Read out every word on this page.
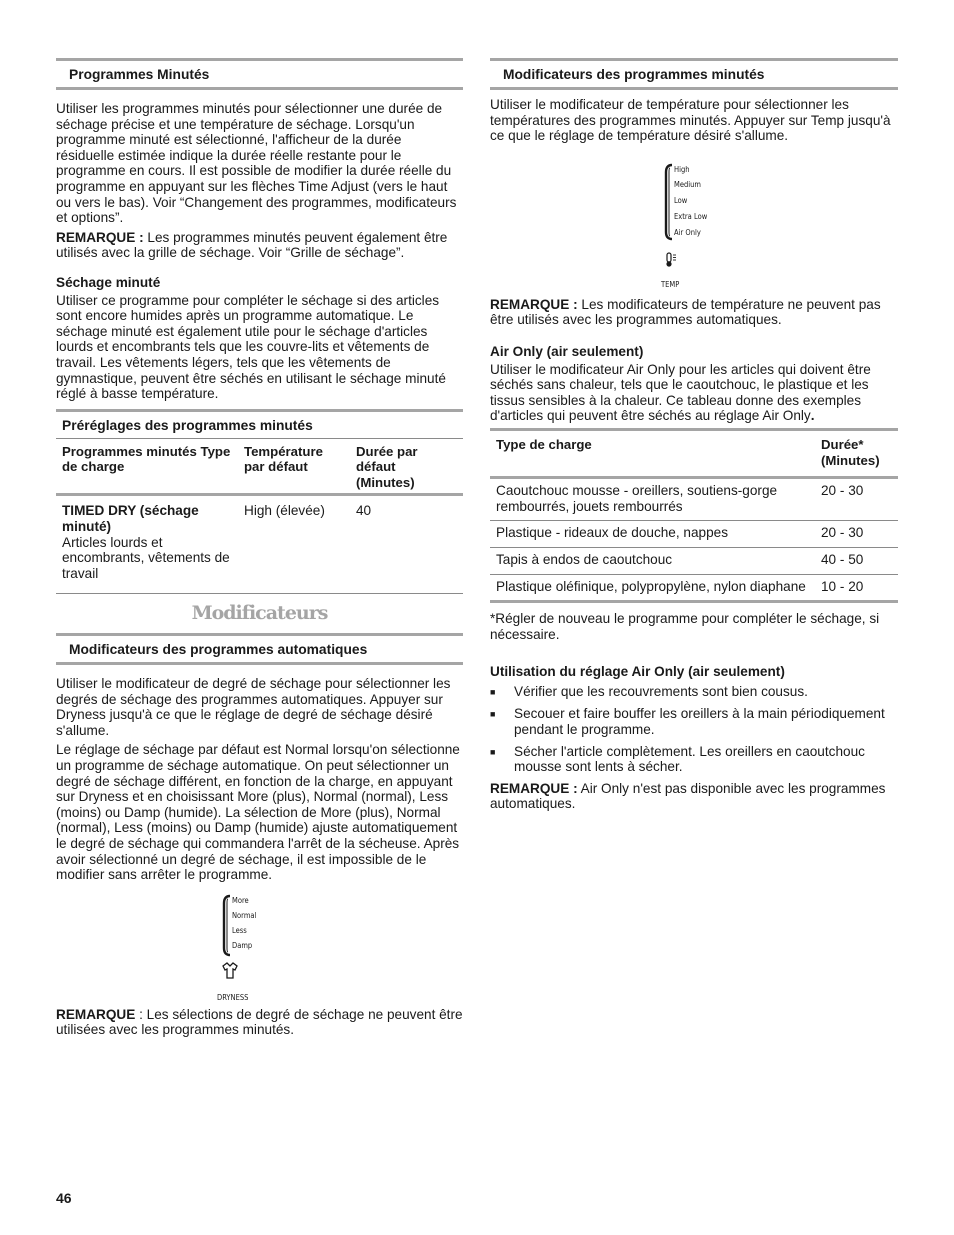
Programmes Minutés

Utiliser les programmes minutés pour sélectionner une durée de séchage précise et une température de séchage. Lorsqu'un programme minuté est sélectionné, l'afficheur de la durée résiduelle estimée indique la durée réelle restante pour le programme en cours. Il est possible de modifier la durée réelle du programme en appuyant sur les flèches Time Adjust (vers le haut ou vers le bas). Voir “Changement des programmes, modificateurs et options”.

REMARQUE : Les programmes minutés peuvent également être utilisés avec la grille de séchage. Voir “Grille de séchage”.

Séchage minuté

Utiliser ce programme pour compléter le séchage si des articles sont encore humides après un programme automatique. Le séchage minuté est également utile pour le séchage d'articles lourds et encombrants tels que les couvre-lits et vêtements de travail. Les vêtements légers, tels que les vêtements de gymnastique, peuvent être séchés en utilisant le séchage minuté réglé à basse température.

Préréglages des programmes minutés
Programmes minutés Type de charge	Température par défaut	Durée par défaut (Minutes)

TIMED DRY (séchage minuté)
Articles lourds et encombrants, vêtements de travail	High (élevée)	40
Modificateurs
Modificateurs des programmes automatiques

Utiliser le modificateur de degré de séchage pour sélectionner les degrés de séchage des programmes automatiques. Appuyer sur Dryness jusqu'à ce que le réglage de degré de séchage désiré s'allume.

Le réglage de séchage par défaut est Normal lorsqu'on sélectionne un programme de séchage automatique. On peut sélectionner un degré de séchage différent, en fonction de la charge, en appuyant sur Dryness et en choisissant More (plus), Normal (normal), Less (moins) ou Damp (humide). La sélection de More (plus), Normal (normal), Less (moins) ou Damp (humide) ajuste automatiquement le degré de séchage qui commandera l'arrêt de la sécheuse. Après avoir sélectionné un degré de séchage, il est impossible de le modifier sans arrêter le programme.

More
Normal
Less
Damp
DRYNESS

REMARQUE : Les sélections de degré de séchage ne peuvent être utilisées avec les programmes minutés.

Modificateurs des programmes minutés

Utiliser le modificateur de température pour sélectionner les températures des programmes minutés. Appuyer sur Temp jusqu'à ce que le réglage de température désiré s'allume.

High
Medium
Low
Extra Low
Air Only
TEMP

REMARQUE : Les modificateurs de température ne peuvent pas être utilisés avec les programmes automatiques.

Air Only (air seulement)

Utiliser le modificateur Air Only pour les articles qui doivent être séchés sans chaleur, tels que le caoutchouc, le plastique et les tissus sensibles à la chaleur. Ce tableau donne des exemples d'articles qui peuvent être séchés au réglage Air Only.

Type de charge	Durée* (Minutes)
Caoutchouc mousse - oreillers, soutiens-gorge rembourrés, jouets rembourrés	20 - 30
Plastique - rideaux de douche, nappes	20 - 30
Tapis à endos de caoutchouc	40 - 50
Plastique oléfinique, polypropylène, nylon diaphane	10 - 20

*Régler de nouveau le programme pour compléter le séchage, si nécessaire.

Utilisation du réglage Air Only (air seulement)
■	Vérifier que les recouvrements sont bien cousus.
■	Secouer et faire bouffer les oreillers à la main périodiquement pendant le programme.
■	Sécher l'article complètement. Les oreillers en caoutchouc mousse sont lents à sécher.

REMARQUE : Air Only n'est pas disponible avec les programmes automatiques.

46
